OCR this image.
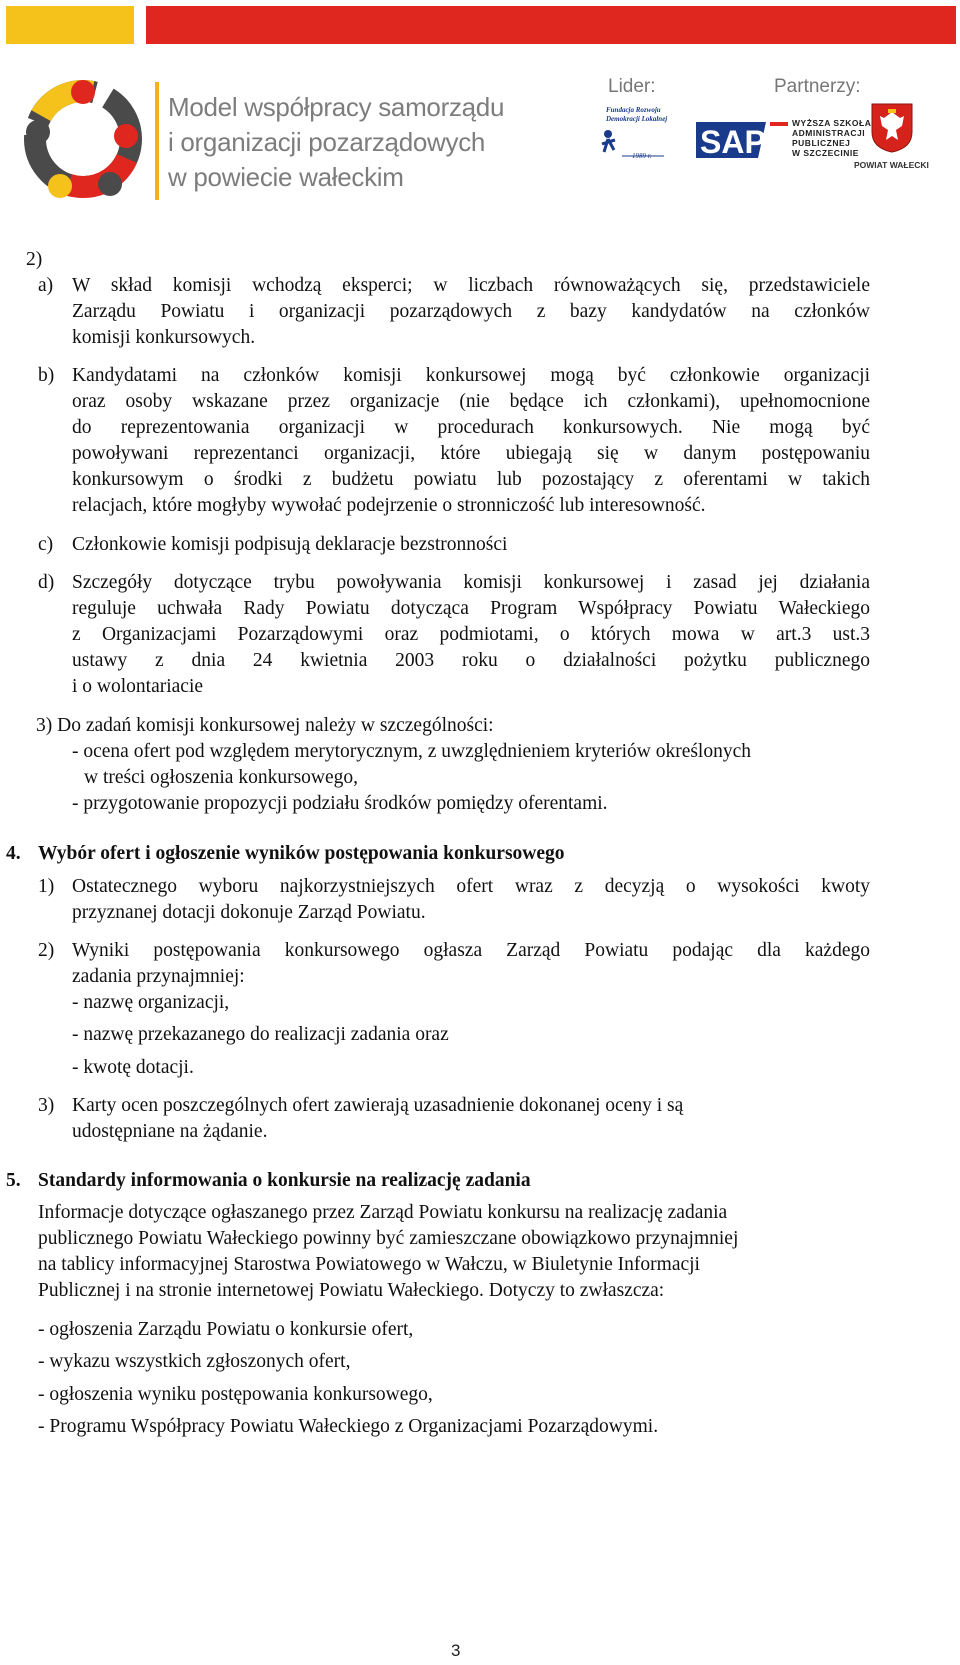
Model współpracy samorządu
i organizacji pozarządowych
w powiecie wałeckim
Lider:	Partnerzy:
Fundacja Rozwoju Demokracji Lokalnej
1989 r. SAP
WYŻSZA SZKOŁA
ADMINISTRACJI
PUBLICZNEJ
W SZCZECINIE
POWIAT WAŁECKI
2)
a) W skład komisji wchodzą eksperci; w liczbach równoważących się, przedstawiciele
Zarządu Powiatu i organizacji pozarządowych z bazy kandydatów na członków
komisji konkursowych.
b) Kandydatami na członków komisji konkursowej mogą być członkowie organizacji
oraz osoby wskazane przez organizacje (nie będące ich członkami), upełnomocnione
do reprezentowania organizacji w procedurach konkursowych. Nie mogą być
powoływani reprezentanci organizacji, które ubiegają się w danym postępowaniu
konkursowym o środki z budżetu powiatu lub pozostający z oferentami w takich
relacjach, które mogłyby wywołać podejrzenie o stronniczość lub interesowność.
c) Członkowie komisji podpisują deklaracje bezstronności
d) Szczegóły dotyczące trybu powoływania komisji konkursowej i zasad jej działania
reguluje uchwała Rady Powiatu dotycząca Program Współpracy Powiatu Wałeckiego
z Organizacjami Pozarządowymi oraz podmiotami, o których mowa w art.3 ust.3
ustawy z dnia 24 kwietnia 2003 roku o działalności pożytku publicznego
i o wolontariacie
3) Do zadań komisji konkursowej należy w szczególności:
- ocena ofert pod względem merytorycznym, z uwzględnieniem kryteriów określonych
w treści ogłoszenia konkursowego,
- przygotowanie propozycji podziału środków pomiędzy oferentami.
4. Wybór ofert i ogłoszenie wyników postępowania konkursowego
1) Ostatecznego wyboru najkorzystniejszych ofert wraz z decyzją o wysokości kwoty
przyznanej dotacji dokonuje Zarząd Powiatu.
2) Wyniki postępowania konkursowego ogłasza Zarząd Powiatu podając dla każdego
zadania przynajmniej:
- nazwę organizacji,
- nazwę przekazanego do realizacji zadania oraz
- kwotę dotacji.
3) Karty ocen poszczególnych ofert zawierają uzasadnienie dokonanej oceny i są
udostępniane na żądanie.
5. Standardy informowania o konkursie na realizację zadania
Informacje dotyczące ogłaszanego przez Zarząd Powiatu konkursu na realizację zadania
publicznego Powiatu Wałeckiego powinny być zamieszczane obowiązkowo przynajmniej
na tablicy informacyjnej Starostwa Powiatowego w Wałczu, w Biuletynie Informacji
Publicznej i na stronie internetowej Powiatu Wałeckiego. Dotyczy to zwłaszcza:
- ogłoszenia Zarządu Powiatu o konkursie ofert,
- wykazu wszystkich zgłoszonych ofert,
- ogłoszenia wyniku postępowania konkursowego,
- Programu Współpracy Powiatu Wałeckiego z Organizacjami Pozarządowymi.
3
